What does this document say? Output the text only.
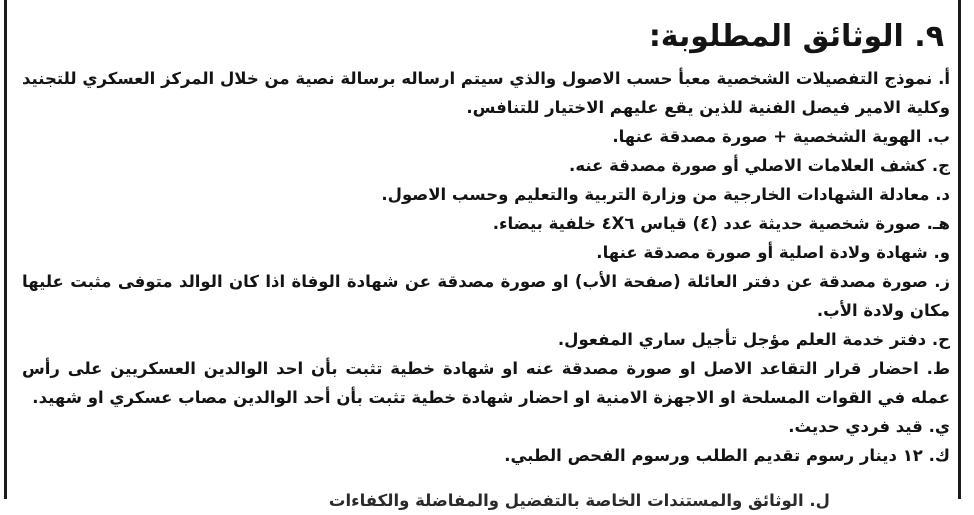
٩. الوثائق المطلوبة:
أ. نموذج التفصيلات الشخصية معبأ حسب الاصول والذي سيتم ارساله برسالة نصية من خلال المركز العسكري للتجنيد وكلية الامير فيصل الفنية للذين يقع عليهم الاختيار للتنافس.
ب. الهوية الشخصية + صورة مصدقة عنها.
ج. كشف العلامات الاصلي أو صورة مصدقة عنه.
د. معادلة الشهادات الخارجية من وزارة التربية والتعليم وحسب الاصول.
هـ. صورة شخصية حديثة عدد (٤) قياس ٤X٦ خلفية بيضاء.
و. شهادة ولادة اصلية أو صورة مصدقة عنها.
ز. صورة مصدقة عن دفتر العائلة (صفحة الأب) او صورة مصدقة عن شهادة الوفاة اذا كان الوالد متوفى مثبت عليها مكان ولادة الأب.
ح. دفتر خدمة العلم مؤجل تأجيل ساري المفعول.
ط. احضار قرار التقاعد الاصل او صورة مصدقة عنه او شهادة خطية تثبت بأن احد الوالدين العسكريين على رأس عمله في القوات المسلحة او الاجهزة الامنية او احضار شهادة خطية تثبت بأن أحد الوالدين مصاب عسكري او شهيد.
ي. قيد فردي حديث.
ك. ١٢ دينار رسوم تقديم الطلب ورسوم الفحص الطبي.
ل. الوثائق والمستندات الخاصة بالتفضيل والمفاضلة والكفاءات
